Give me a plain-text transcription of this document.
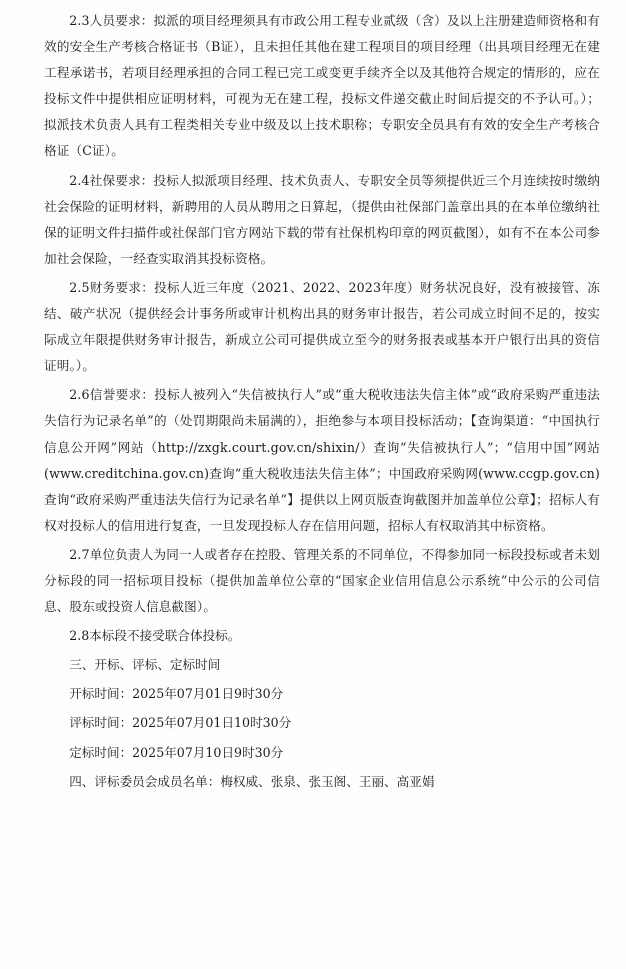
2.3人员要求：拟派的项目经理须具有市政公用工程专业贰级（含）及以上注册建造师资格和有效的安全生产考核合格证书（B证），且未担任其他在建工程项目的项目经理（出具项目经理无在建工程承诺书，若项目经理承担的合同工程已完工或变更手续齐全以及其他符合规定的情形的，应在投标文件中提供相应证明材料，可视为无在建工程，投标文件递交截止时间后提交的不予认可。）；拟派技术负责人具有工程类相关专业中级及以上技术职称；专职安全员具有有效的安全生产考核合格证（C证）。

2.4社保要求：投标人拟派项目经理、技术负责人、专职安全员等须提供近三个月连续按时缴纳社会保险的证明材料，新聘用的人员从聘用之日算起，（提供由社保部门盖章出具的在本单位缴纳社保的证明文件扫描件或社保部门官方网站下载的带有社保机构印章的网页截图），如有不在本公司参加社会保险，一经查实取消其投标资格。

2.5财务要求：投标人近三年度（2021、2022、2023年度）财务状况良好，没有被接管、冻结、破产状况（提供经会计事务所或审计机构出具的财务审计报告，若公司成立时间不足的，按实际成立年限提供财务审计报告，新成立公司可提供成立至今的财务报表或基本开户银行出具的资信证明。）。

2.6信誉要求：投标人被列入“失信被执行人”或“重大税收违法失信主体”或“政府采购严重违法失信行为记录名单”的（处罚期限尚未届满的），拒绝参与本项目投标活动；【查询渠道：“中国执行信息公开网”网站（http://zxgk.court.gov.cn/shixin/）查询“失信被执行人”；“信用中国”网站(www.creditchina.gov.cn)查询“重大税收违法失信主体”；中国政府采购网(www.ccgp.gov.cn)查询“政府采购严重违法失信行为记录名单”】提供以上网页版查询截图并加盖单位公章】；招标人有权对投标人的信用进行复查，一旦发现投标人存在信用问题，招标人有权取消其中标资格。

2.7单位负责人为同一人或者存在控股、管理关系的不同单位，不得参加同一标段投标或者未划分标段的同一招标项目投标（提供加盖单位公章的“国家企业信用信息公示系统”中公示的公司信息、股东或投资人信息截图）。

2.8本标段不接受联合体投标。

三、开标、评标、定标时间

开标时间：2025年07月01日9时30分

评标时间：2025年07月01日10时30分

定标时间：2025年07月10日9时30分

四、评标委员会成员名单：梅权威、张泉、张玉阁、王丽、高亚娟
